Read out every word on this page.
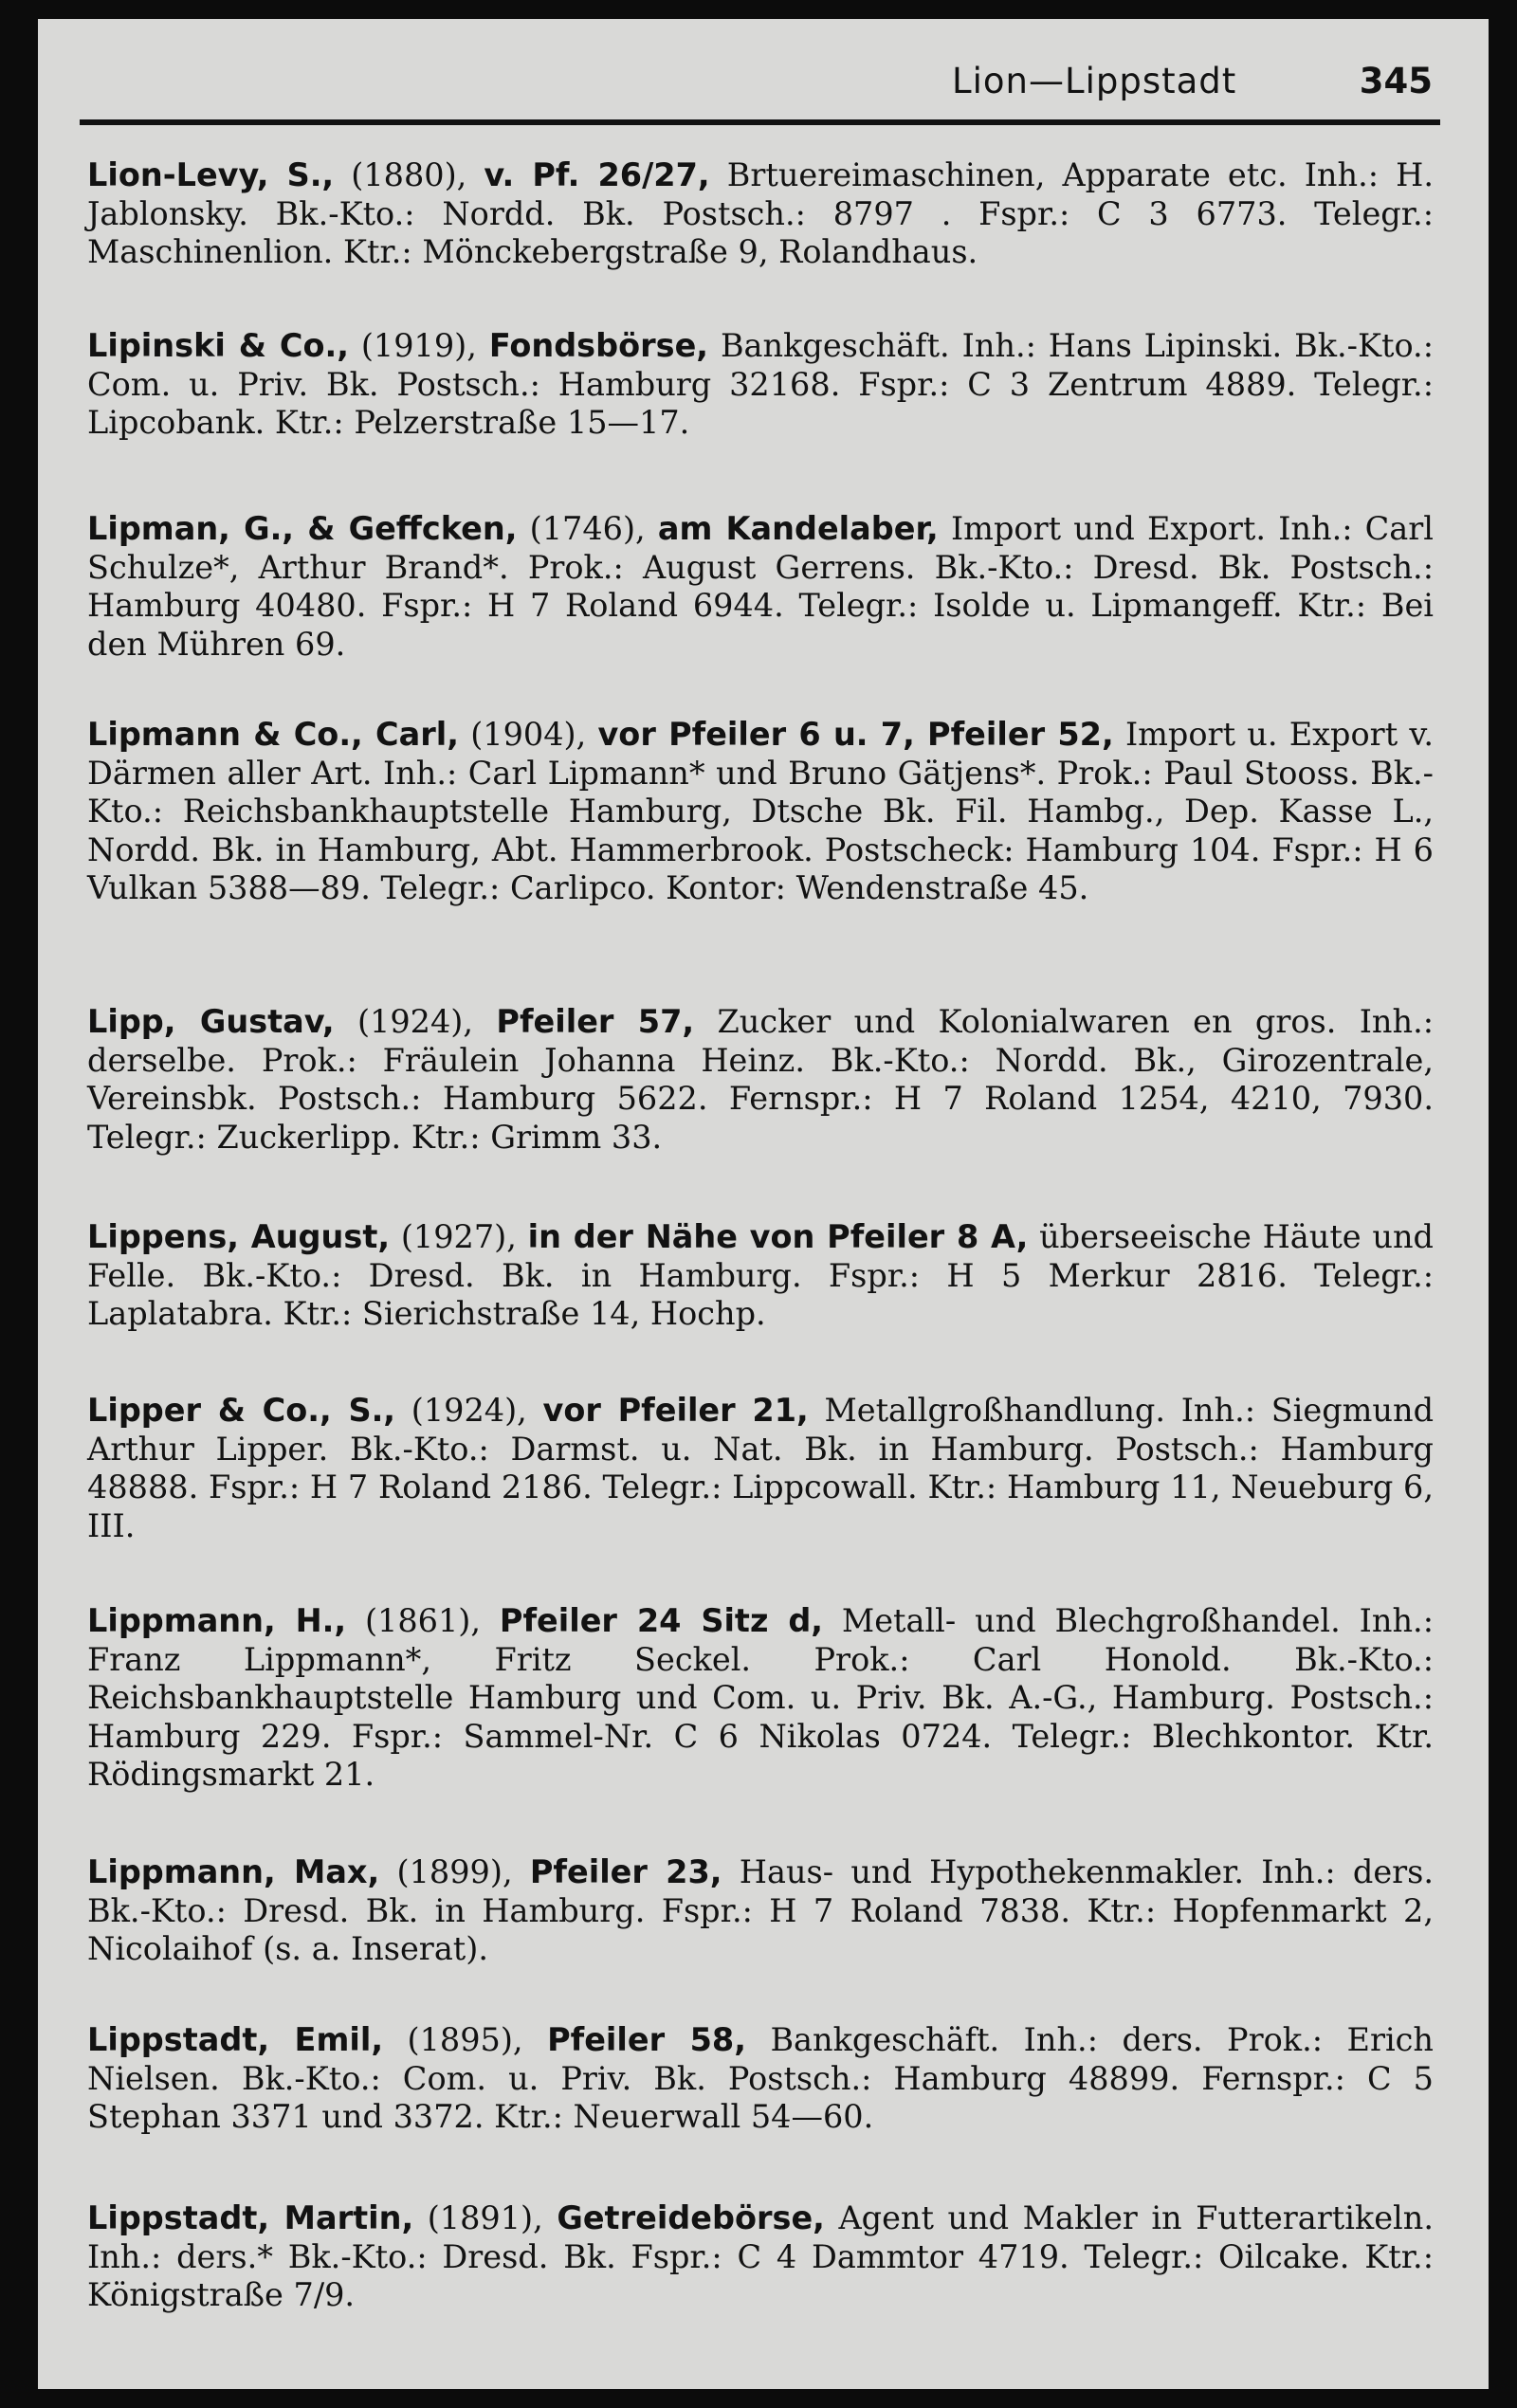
Lion—Lippstadt	345
Lion-Levy, S., (1880), v. Pf. 26/27, Brtuereimaschinen, Apparate etc. Inh.: H. Jablonsky. Bk.-Kto.: Nordd. Bk. Postsch.: 8797 . Fspr.: C 3 6773. Telegr.: Maschinenlion. Ktr.: Mönckebergstraße 9, Rolandhaus.
Lipinski & Co., (1919), Fondsbörse, Bankgeschäft. Inh.: Hans Lipinski. Bk.-Kto.: Com. u. Priv. Bk. Postsch.: Hamburg 32168. Fspr.: C 3 Zentrum 4889. Telegr.: Lipcobank. Ktr.: Pelzerstraße 15—17.
Lipman, G., & Geffcken, (1746), am Kandelaber, Import und Export. Inh.: Carl Schulze*, Arthur Brand*. Prok.: August Gerrens. Bk.-Kto.: Dresd. Bk. Postsch.: Hamburg 40480. Fspr.: H 7 Roland 6944. Telegr.: Isolde u. Lipmangeff. Ktr.: Bei den Mühren 69.
Lipmann & Co., Carl, (1904), vor Pfeiler 6 u. 7, Pfeiler 52, Import u. Export v. Därmen aller Art. Inh.: Carl Lipmann* und Bruno Gätjens*. Prok.: Paul Stooss. Bk.-Kto.: Reichsbankhauptstelle Hamburg, Dtsche Bk. Fil. Hambg., Dep. Kasse L., Nordd. Bk. in Hamburg, Abt. Hammerbrook. Postscheck: Hamburg 104. Fspr.: H 6 Vulkan 5388—89. Telegr.: Carlipco. Kontor: Wendenstraße 45.
Lipp, Gustav, (1924), Pfeiler 57, Zucker und Kolonialwaren en gros. Inh.: derselbe. Prok.: Fräulein Johanna Heinz. Bk.-Kto.: Nordd. Bk., Girozentrale, Vereinsbk. Postsch.: Hamburg 5622. Fernspr.: H 7 Roland 1254, 4210, 7930. Telegr.: Zuckerlipp. Ktr.: Grimm 33.
Lippens, August, (1927), in der Nähe von Pfeiler 8 A, überseeische Häute und Felle. Bk.-Kto.: Dresd. Bk. in Hamburg. Fspr.: H 5 Merkur 2816. Telegr.: Laplatabra. Ktr.: Sierichstraße 14, Hochp.
Lipper & Co., S., (1924), vor Pfeiler 21, Metallgroßhandlung. Inh.: Siegmund Arthur Lipper. Bk.-Kto.: Darmst. u. Nat. Bk. in Hamburg. Postsch.: Hamburg 48888. Fspr.: H 7 Roland 2186. Telegr.: Lippcowall. Ktr.: Hamburg 11, Neueburg 6, III.
Lippmann, H., (1861), Pfeiler 24 Sitz d, Metall- und Blechgroßhandel. Inh.: Franz Lippmann*, Fritz Seckel. Prok.: Carl Honold. Bk.-Kto.: Reichsbankhauptstelle Hamburg und Com. u. Priv. Bk. A.-G., Hamburg. Postsch.: Hamburg 229. Fspr.: Sammel-Nr. C 6 Nikolas 0724. Telegr.: Blechkontor. Ktr. Rödingsmarkt 21.
Lippmann, Max, (1899), Pfeiler 23, Haus- und Hypothekenmakler. Inh.: ders. Bk.-Kto.: Dresd. Bk. in Hamburg. Fspr.: H 7 Roland 7838. Ktr.: Hopfenmarkt 2, Nicolaihof (s. a. Inserat).
Lippstadt, Emil, (1895), Pfeiler 58, Bankgeschäft. Inh.: ders. Prok.: Erich Nielsen. Bk.-Kto.: Com. u. Priv. Bk. Postsch.: Hamburg 48899. Fernspr.: C 5 Stephan 3371 und 3372. Ktr.: Neuerwall 54—60.
Lippstadt, Martin, (1891), Getreidebörse, Agent und Makler in Futterartikeln. Inh.: ders.* Bk.-Kto.: Dresd. Bk. Fspr.: C 4 Dammtor 4719. Telegr.: Oilcake. Ktr.: Königstraße 7/9.
